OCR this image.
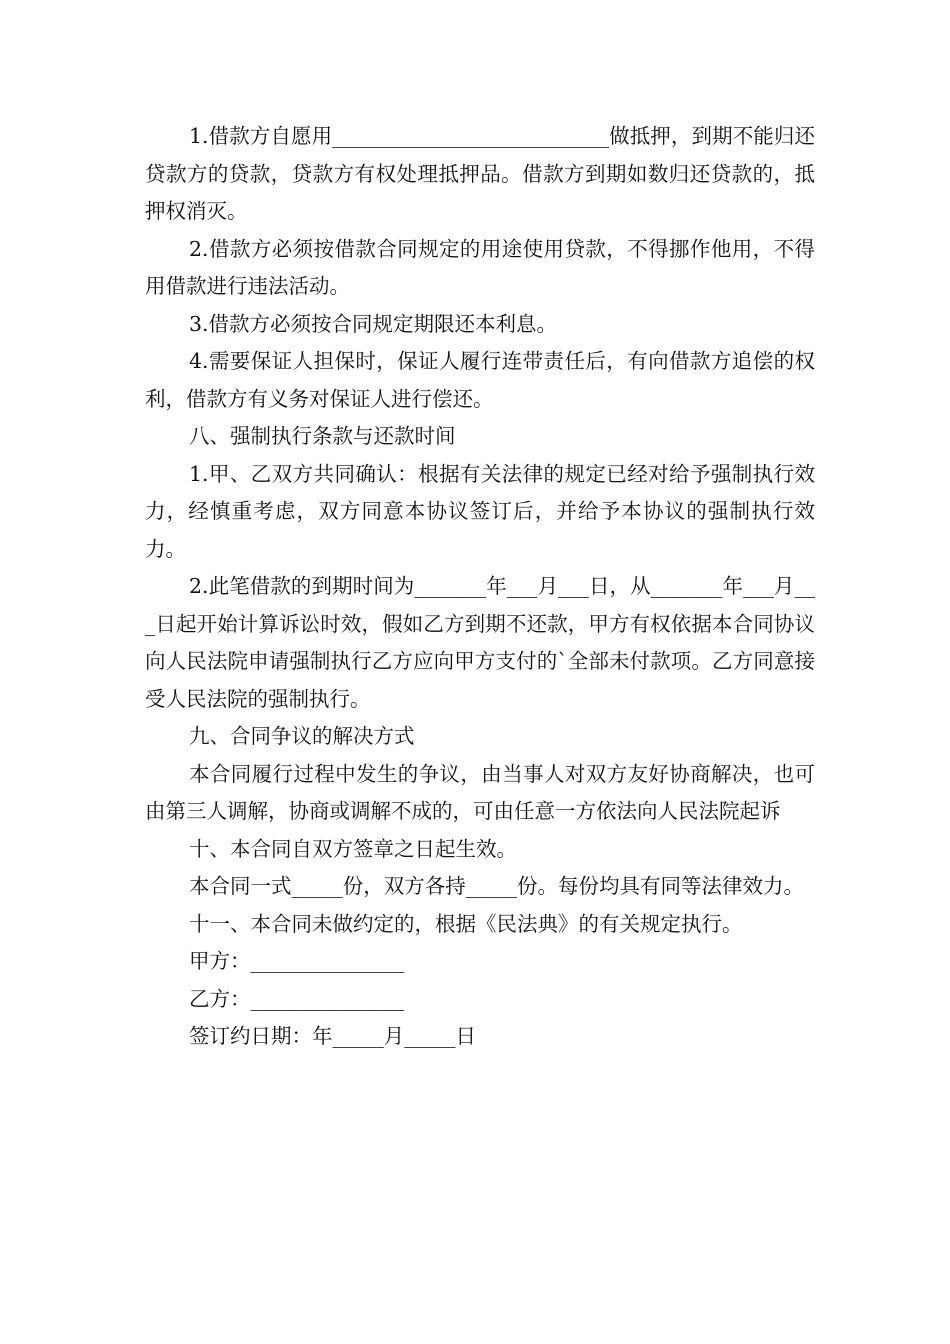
1.借款方自愿用___________________________做抵押，到期不能归还贷款方的贷款，贷款方有权处理抵押品。借款方到期如数归还贷款的，抵押权消灭。

2.借款方必须按借款合同规定的用途使用贷款，不得挪作他用，不得用借款进行违法活动。

3.借款方必须按合同规定期限还本利息。

4.需要保证人担保时，保证人履行连带责任后，有向借款方追偿的权利，借款方有义务对保证人进行偿还。

八、强制执行条款与还款时间

1.甲、乙双方共同确认：根据有关法律的规定已经对给予强制执行效力，经慎重考虑，双方同意本协议签订后，并给予本协议的强制执行效力。

2.此笔借款的到期时间为_______年___月___日，从_______年___月___日起开始计算诉讼时效，假如乙方到期不还款，甲方有权依据本合同协议向人民法院申请强制执行乙方应向甲方支付的`全部未付款项。乙方同意接受人民法院的强制执行。

九、合同争议的解决方式

本合同履行过程中发生的争议，由当事人对双方友好协商解决，也可由第三人调解，协商或调解不成的，可由任意一方依法向人民法院起诉

十、本合同自双方签章之日起生效。

本合同一式_____份，双方各持_____份。每份均具有同等法律效力。

十一、本合同未做约定的，根据《民法典》的有关规定执行。

甲方：_______________

乙方：_______________

签订约日期：年_____月_____日
